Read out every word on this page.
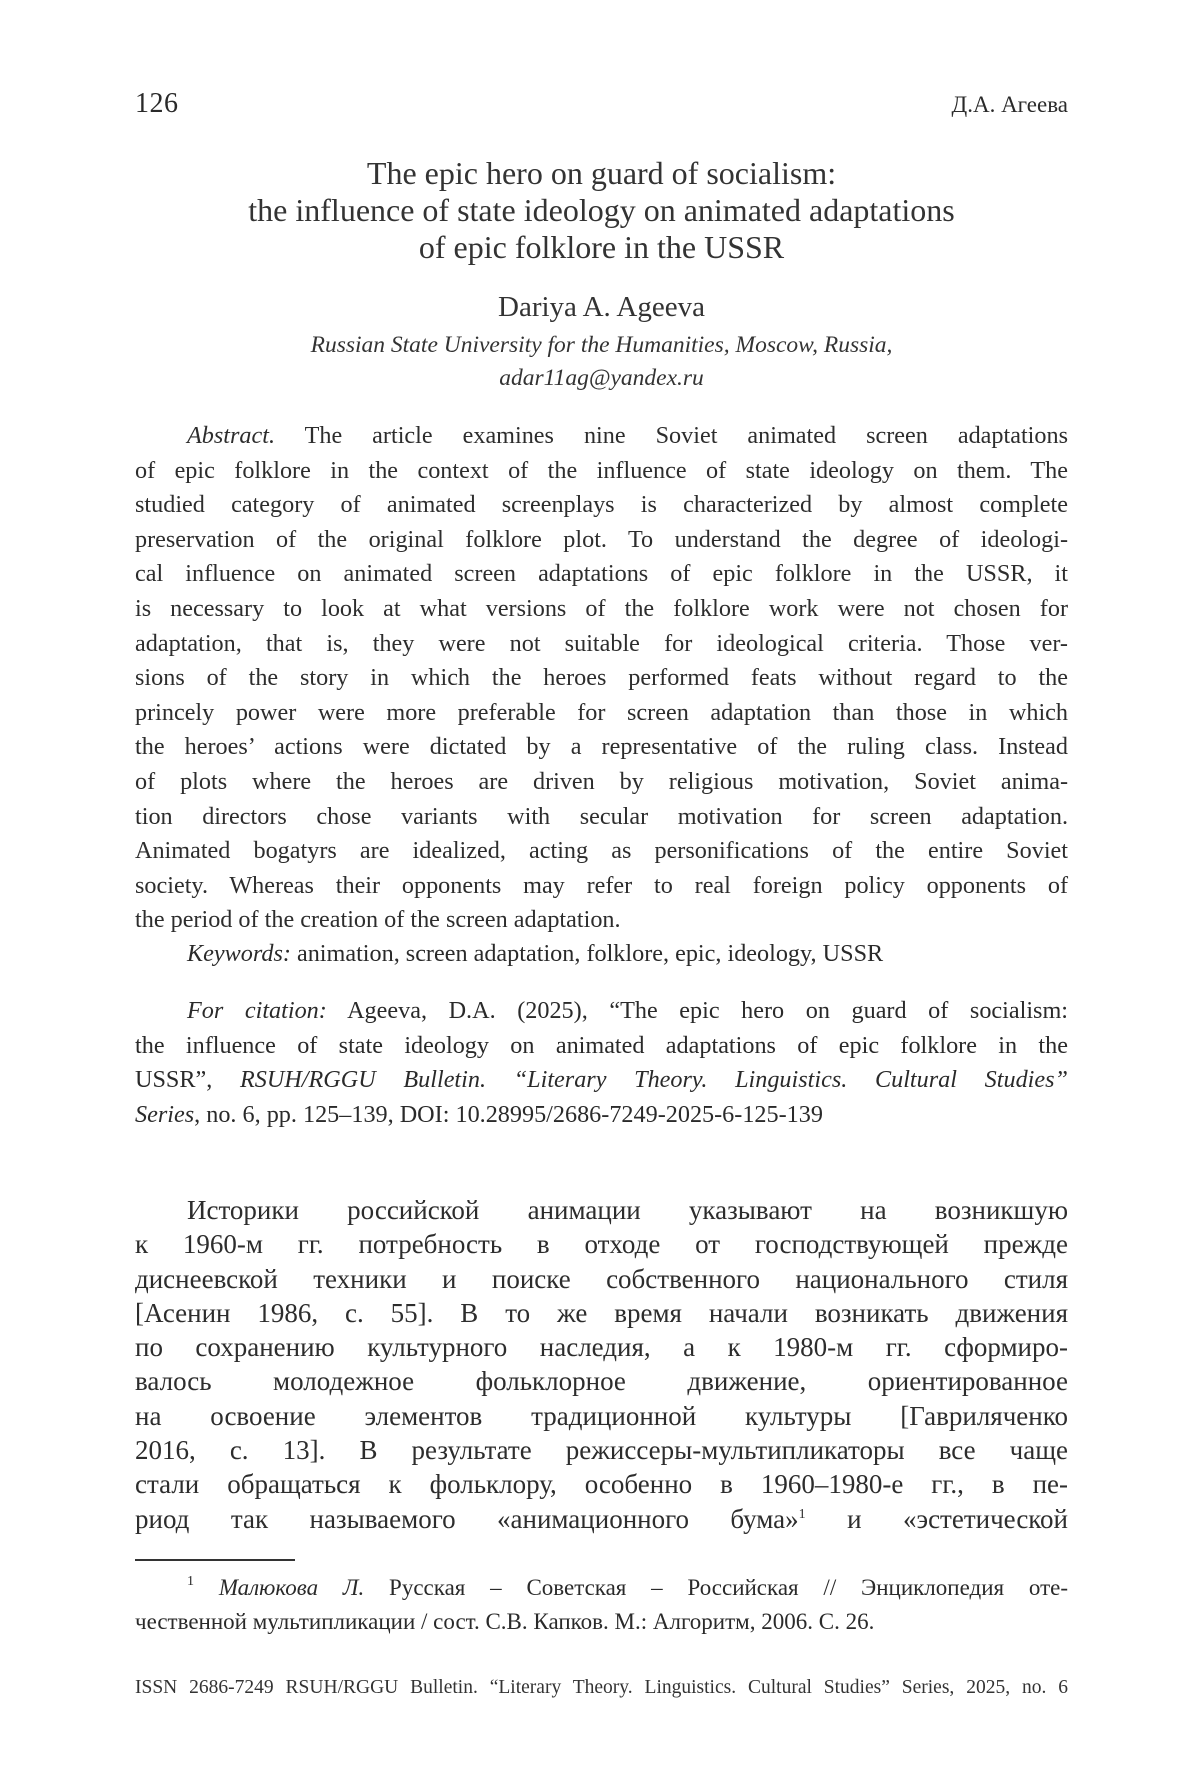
126	Д.А. Агеева
The epic hero on guard of socialism:
the influence of state ideology on animated adaptations
of epic folklore in the USSR
Dariya A. Ageeva
Russian State University for the Humanities, Moscow, Russia,
adar11ag@yandex.ru
Abstract. The article examines nine Soviet animated screen adaptations
of epic folklore in the context of the influence of state ideology on them. The
studied category of animated screenplays is characterized by almost complete
preservation of the original folklore plot. To understand the degree of ideologi-
cal influence on animated screen adaptations of epic folklore in the USSR, it
is necessary to look at what versions of the folklore work were not chosen for
adaptation, that is, they were not suitable for ideological criteria. Those ver-
sions of the story in which the heroes performed feats without regard to the
princely power were more preferable for screen adaptation than those in which
the heroes’ actions were dictated by a representative of the ruling class. Instead
of plots where the heroes are driven by religious motivation, Soviet anima-
tion directors chose variants with secular motivation for screen adaptation.
Animated bogatyrs are idealized, acting as personifications of the entire Soviet
society. Whereas their opponents may refer to real foreign policy opponents of
the period of the creation of the screen adaptation.
Keywords: animation, screen adaptation, folklore, epic, ideology, USSR
For citation: Ageeva, D.A. (2025), “The epic hero on guard of socialism:
the influence of state ideology on animated adaptations of epic folklore in the
USSR”, RSUH/RGGU Bulletin. “Literary Theory. Linguistics. Cultural Studies”
Series, no. 6, pp. 125–139, DOI: 10.28995/2686-7249-2025-6-125-139
Историки российской анимации указывают на возникшую
к 1960-м гг. потребность в отходе от господствующей прежде
диснеевской техники и поиске собственного национального стиля
[Асенин 1986, с. 55]. В то же время начали возникать движения
по сохранению культурного наследия, а к 1980-м гг. сформиро-
валось молодежное фольклорное движение, ориентированное
на освоение элементов традиционной культуры [Гавриляченко
2016, с. 13]. В результате режиссеры-мультипликаторы все чаще
стали обращаться к фольклору, особенно в 1960–1980-е гг., в пе-
риод так называемого «анимационного бума»$^1$ и «эстетической
$^1$ Малюкова Л. Русская – Советская – Российская // Энциклопедия оте-
чественной мультипликации / сост. С.В. Капков. М.: Алгоритм, 2006. С. 26.
ISSN 2686-7249 RSUH/RGGU Bulletin. “Literary Theory. Linguistics. Cultural Studies” Series, 2025, no. 6
